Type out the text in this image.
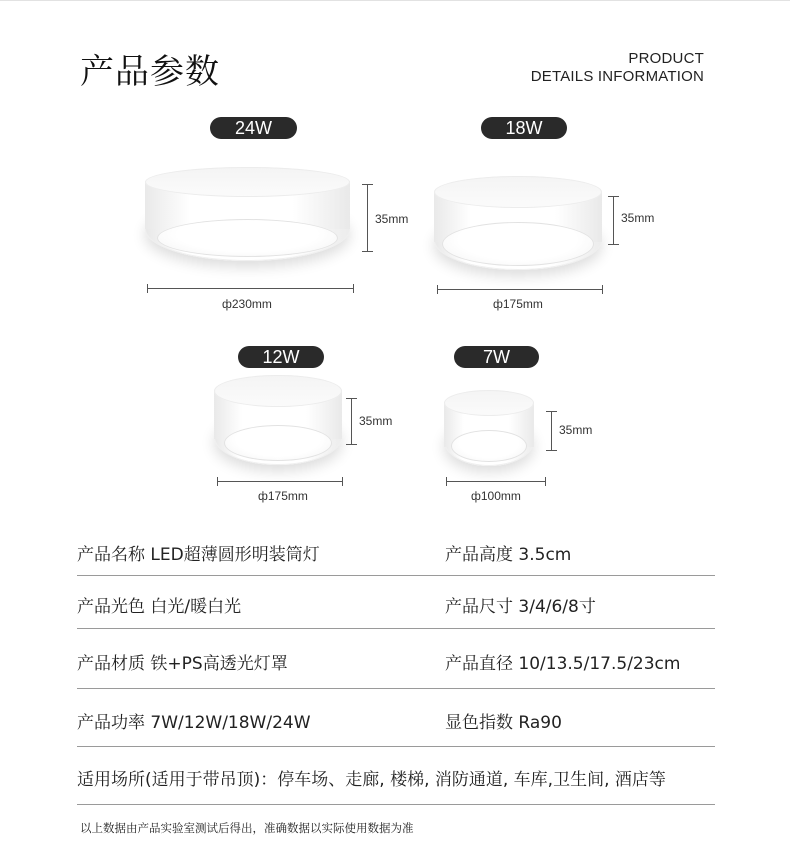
产品参数	PRODUCT
DETAILS INFORMATION
24W
35mm
ф230mm
18W
35mm
ф175mm
12W
35mm
ф175mm
7W
35mm
ф100mm
产品名称 LED超薄圆形明装筒灯	产品高度 3.5cm
产品光色 白光/暖白光	产品尺寸 3/4/6/8寸
产品材质 铁+PS高透光灯罩	产品直径 10/13.5/17.5/23cm
产品功率 7W/12W/18W/24W	显色指数 Ra90
适用场所(适用于带吊顶)：停车场、走廊, 楼梯, 消防通道, 车库,卫生间, 酒店等
以上数据由产品实验室测试后得出，准确数据以实际使用数据为准
